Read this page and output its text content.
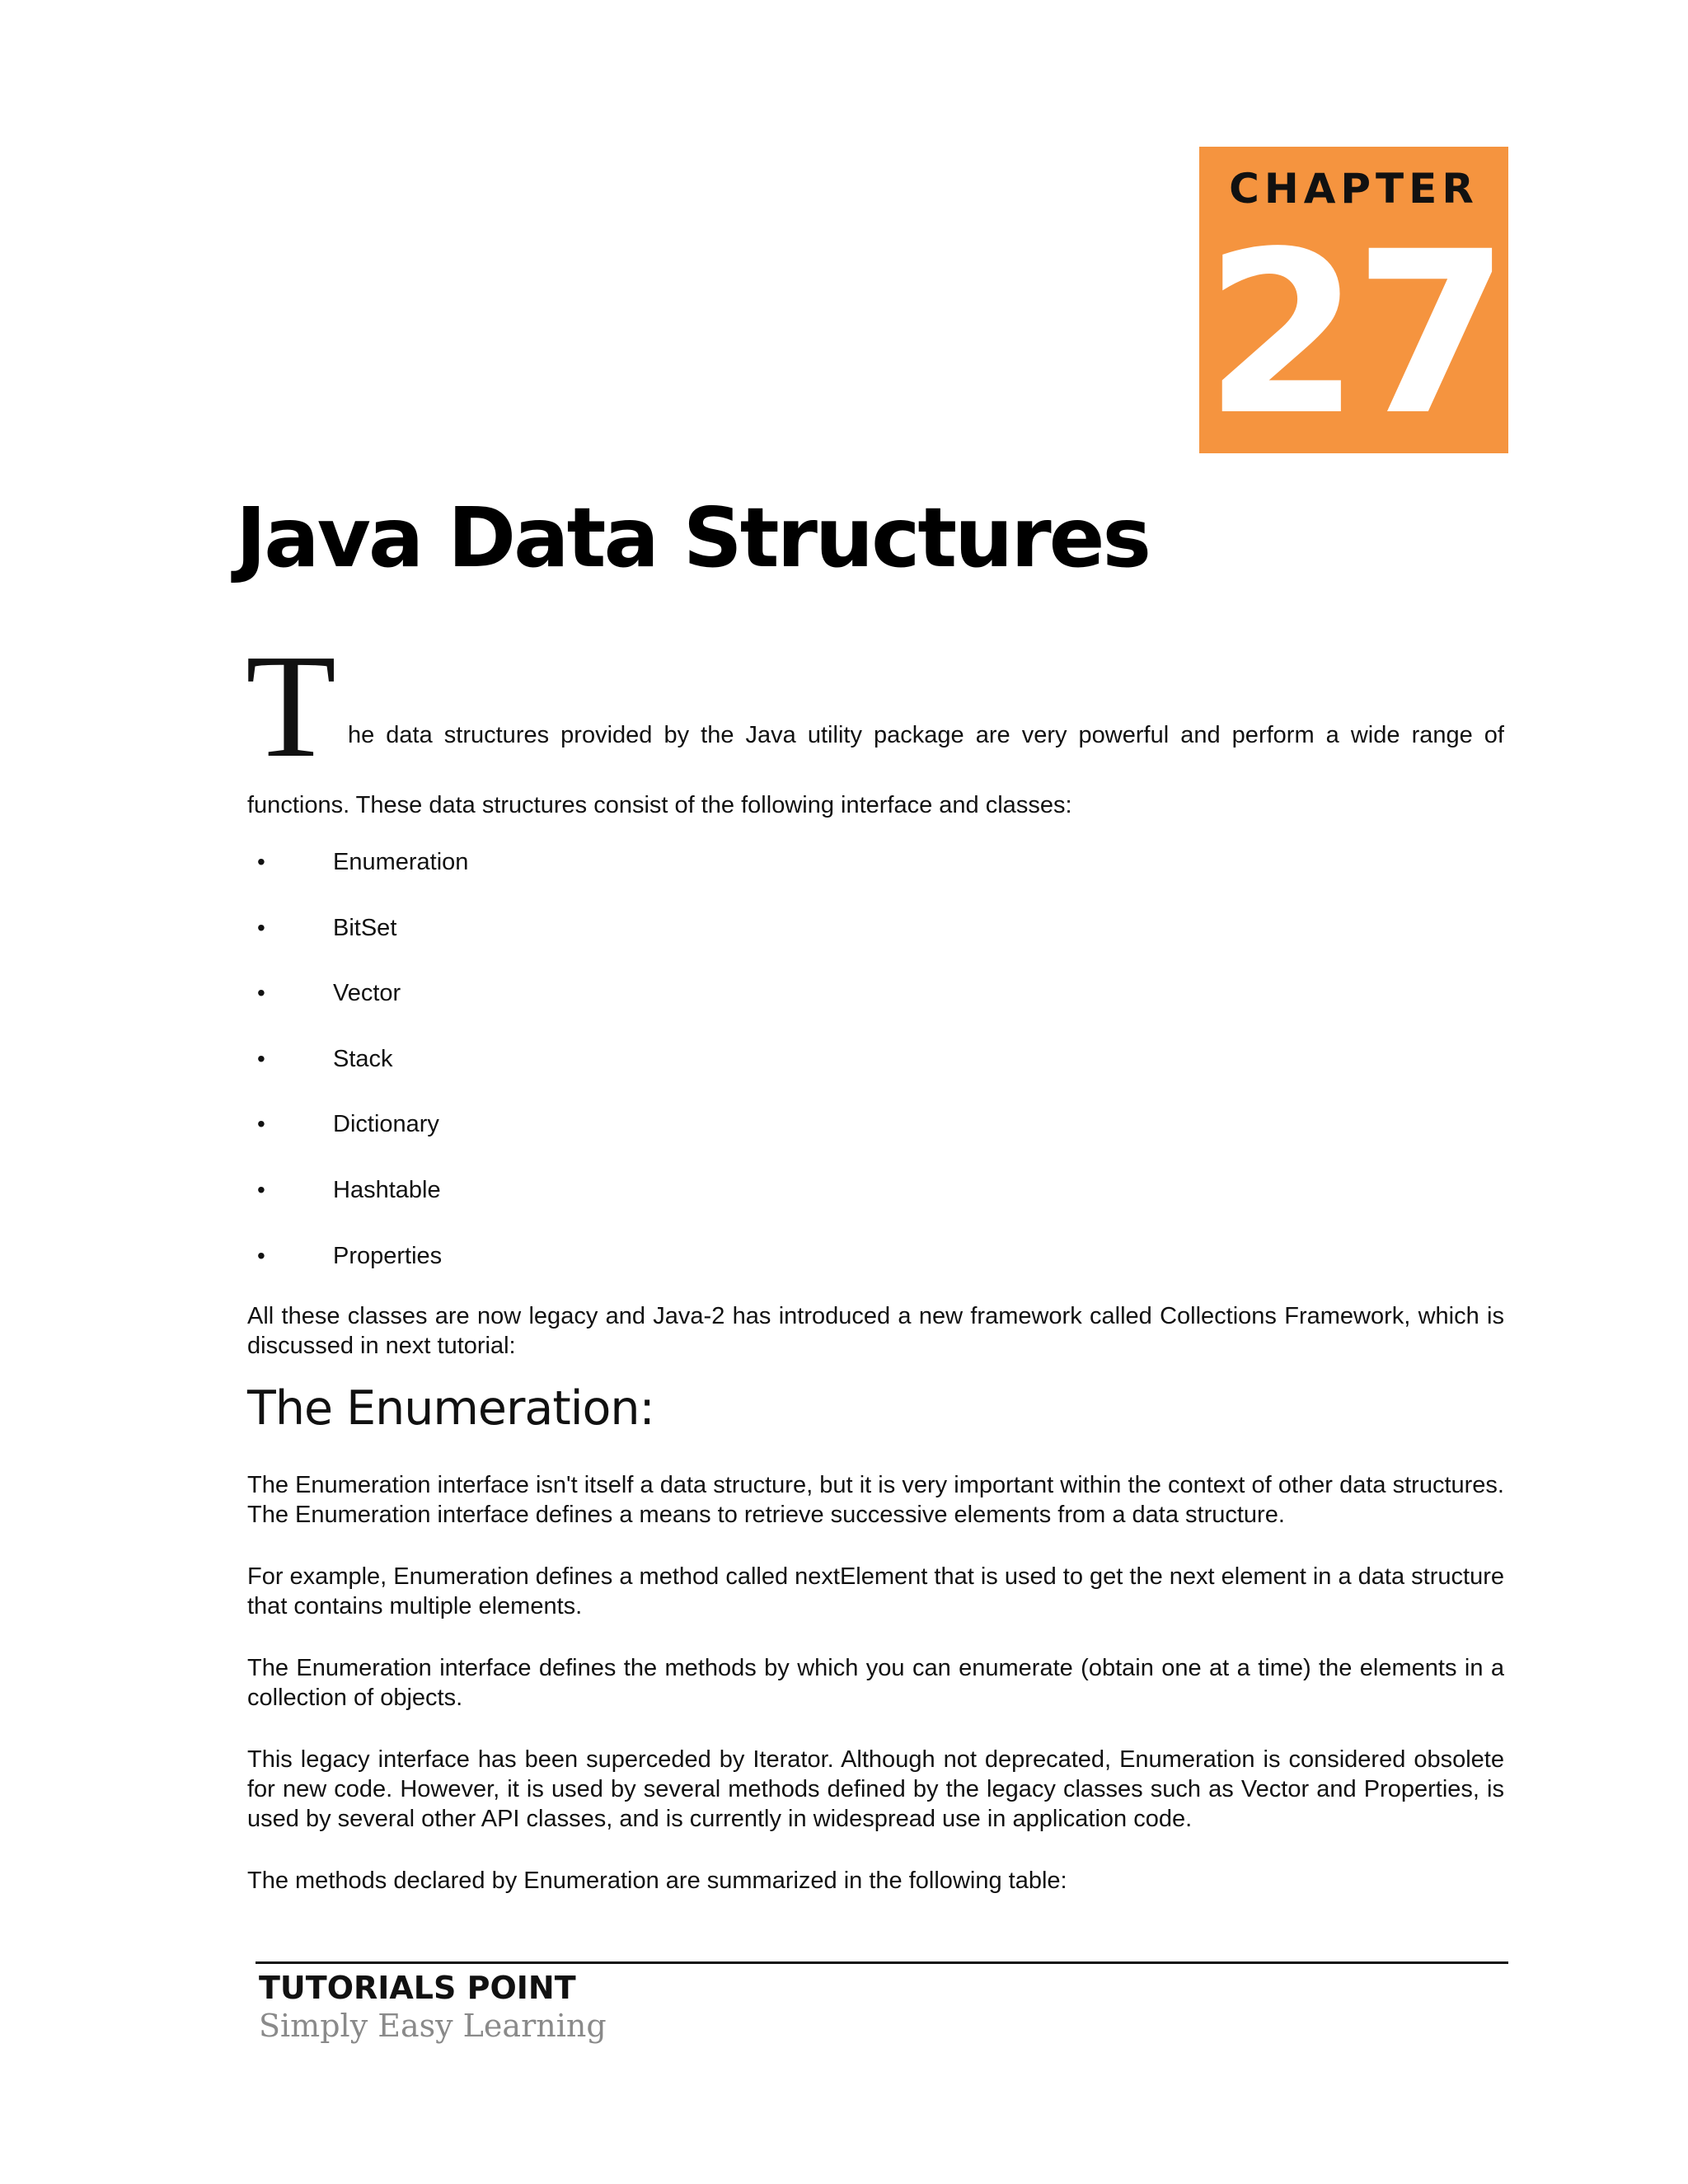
CHAPTER
27
Java Data Structures
T he data structures provided by the Java utility package are very powerful and perform a wide range of functions. These data structures consist of the following interface and classes:

•	Enumeration
•	BitSet
•	Vector
•	Stack
•	Dictionary
•	Hashtable
•	Properties

All these classes are now legacy and Java-2 has introduced a new framework called Collections Framework, which is discussed in next tutorial:

The Enumeration:

The Enumeration interface isn't itself a data structure, but it is very important within the context of other data structures. The Enumeration interface defines a means to retrieve successive elements from a data structure.

For example, Enumeration defines a method called nextElement that is used to get the next element in a data structure that contains multiple elements.

The Enumeration interface defines the methods by which you can enumerate (obtain one at a time) the elements in a collection of objects.

This legacy interface has been superceded by Iterator. Although not deprecated, Enumeration is considered obsolete for new code. However, it is used by several methods defined by the legacy classes such as Vector and Properties, is used by several other API classes, and is currently in widespread use in application code.

The methods declared by Enumeration are summarized in the following table:

TUTORIALS POINT

Simply Easy Learning
